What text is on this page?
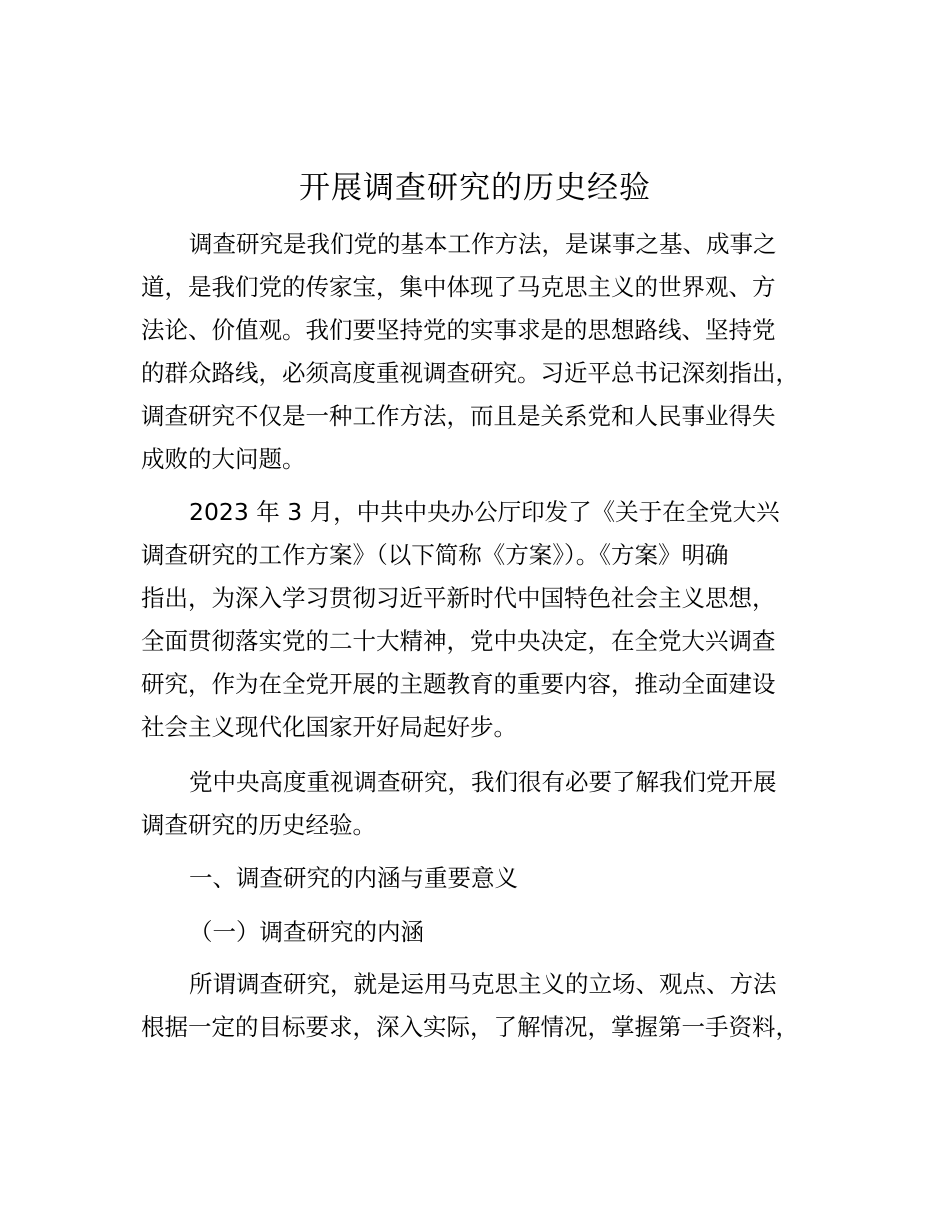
开展调查研究的历史经验
调查研究是我们党的基本工作方法，是谋事之基、成事之
道，是我们党的传家宝，集中体现了马克思主义的世界观、方
法论、价值观。我们要坚持党的实事求是的思想路线、坚持党
的群众路线，必须高度重视调查研究。习近平总书记深刻指出，
调查研究不仅是一种工作方法，而且是关系党和人民事业得失
成败的大问题。
2023 年 3 月，中共中央办公厅印发了《关于在全党大兴
调查研究的工作方案》（以下简称《方案》）。《方案》明确
指出，为深入学习贯彻习近平新时代中国特色社会主义思想，
全面贯彻落实党的二十大精神，党中央决定，在全党大兴调查
研究，作为在全党开展的主题教育的重要内容，推动全面建设
社会主义现代化国家开好局起好步。
党中央高度重视调查研究，我们很有必要了解我们党开展
调查研究的历史经验。
一、调查研究的内涵与重要意义
（一）调查研究的内涵
所谓调查研究，就是运用马克思主义的立场、观点、方法
根据一定的目标要求，深入实际，了解情况，掌握第一手资料，
